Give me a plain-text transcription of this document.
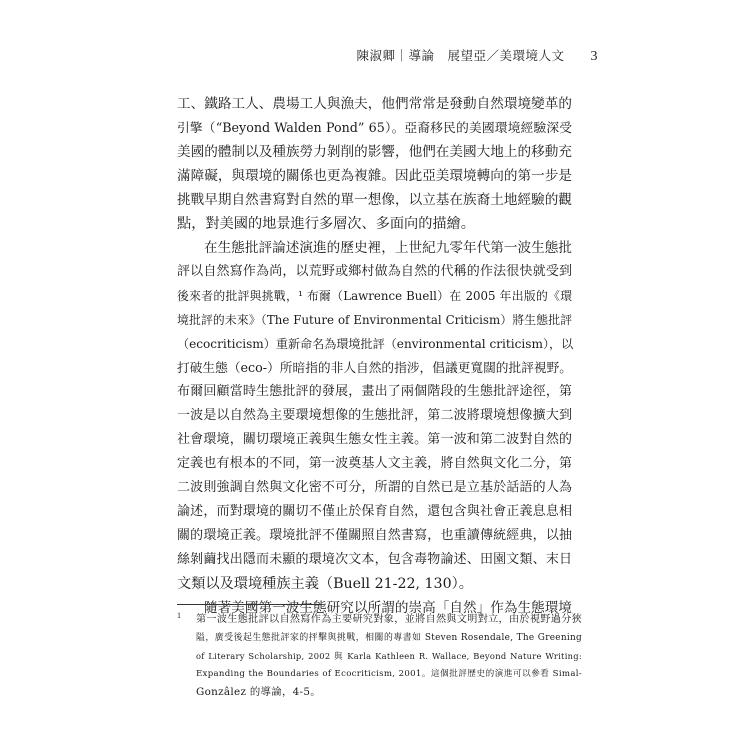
陳淑卿｜導論　展望亞／美環境人文 3
工、鐵路工人、農場工人與漁夫，他們常常是發動自然環境變革的
引擎（“Beyond Walden Pond” 65）。亞裔移民的美國環境經驗深受
美國的體制以及種族勞力剝削的影響，他們在美國大地上的移動充
滿障礙，與環境的關係也更為複雜。因此亞美環境轉向的第一步是
挑戰早期自然書寫對自然的單一想像，以立基在族裔土地經驗的觀
點，對美國的地景進行多層次、多面向的描繪。
在生態批評論述演進的歷史裡，上世紀九零年代第一波生態批
評以自然寫作為尚，以荒野或鄉村做為自然的代稱的作法很快就受到
後來者的批評與挑戰，¹ 布爾（Lawrence Buell）在 2005 年出版的《環
境批評的未來》（The Future of Environmental Criticism）將生態批評
（ecocriticism）重新命名為環境批評（environmental criticism），以
打破生態（eco-）所暗指的非人自然的指涉，倡議更寬闊的批評視野。
布爾回顧當時生態批評的發展，畫出了兩個階段的生態批評途徑，第
一波是以自然為主要環境想像的生態批評，第二波將環境想像擴大到
社會環境，關切環境正義與生態女性主義。第一波和第二波對自然的
定義也有根本的不同，第一波奠基人文主義，將自然與文化二分，第
二波則強調自然與文化密不可分，所謂的自然已是立基於話語的人為
論述，而對環境的關切不僅止於保育自然，還包含與社會正義息息相
關的環境正義。環境批評不僅關照自然書寫，也重讀傳統經典，以抽
絲剝繭找出隱而未顯的環境次文本，包含毒物論述、田園文類、末日
文類以及環境種族主義（Buell 21-22, 130）。
隨著美國第一波生態研究以所謂的崇高「自然」作為生態環境
1 第一波生態批評以自然寫作為主要研究對象，並將自然與文明對立，由於視野過分狹
隘，廣受後起生態批評家的抨擊與挑戰，相關的專書如 Steven Rosendale, The Greening
of Literary Scholarship, 2002 與 Karla Kathleen R. Wallace, Beyond Nature Writing:
Expanding the Boundaries of Ecocriticism, 2001。這個批評歷史的演進可以參看 Simal-
Gonzâlez 的導論，4-5。
